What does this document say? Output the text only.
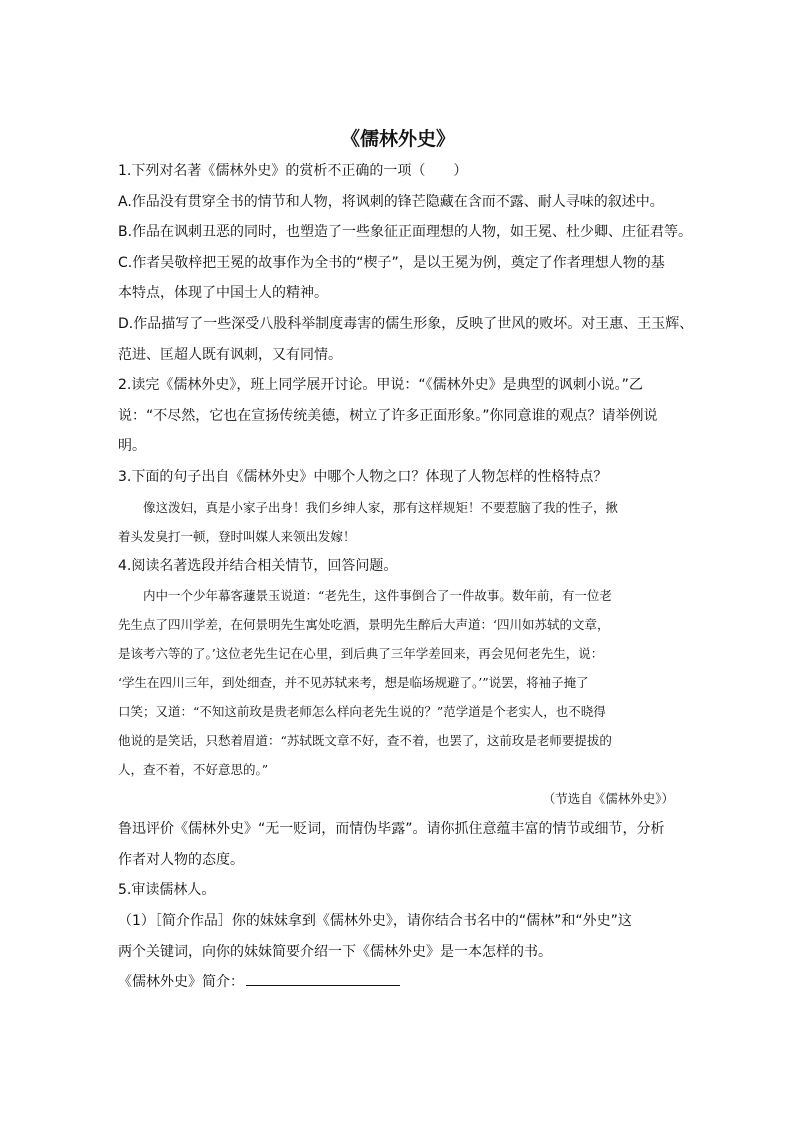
《儒林外史》
1.下列对名著《儒林外史》的赏析不正确的一项（　　）
A.作品没有贯穿全书的情节和人物，将讽刺的锋芒隐藏在含而不露、耐人寻味的叙述中。
B.作品在讽刺丑恶的同时，也塑造了一些象征正面理想的人物，如王冕、杜少卿、庄征君等。
C.作者吴敬梓把王冕的故事作为全书的“楔子”，是以王冕为例，奠定了作者理想人物的基
本特点，体现了中国士人的精神。
D.作品描写了一些深受八股科举制度毒害的儒生形象，反映了世风的败坏。对王惠、王玉辉、
范进、匡超人既有讽刺，又有同情。
2.读完《儒林外史》，班上同学展开讨论。甲说：“《儒林外史》是典型的讽刺小说。”乙
说：“不尽然，它也在宣扬传统美德，树立了许多正面形象。”你同意谁的观点？请举例说
明。
3.下面的句子出自《儒林外史》中哪个人物之口？体现了人物怎样的性格特点？
像这泼妇，真是小家子出身！我们乡绅人家，那有这样规矩！不要惹脑了我的性子，揪
着头发臭打一顿，登时叫媒人来领出发嫁！
4.阅读名著选段并结合相关情节，回答问题。
内中一个少年幕客蘧景玉说道：“老先生，这件事倒合了一件故事。数年前，有一位老
先生点了四川学差，在何景明先生寓处吃酒，景明先生醉后大声道：‘四川如苏轼的文章，
是该考六等的了。’这位老先生记在心里，到后典了三年学差回来，再会见何老先生，说：
‘学生在四川三年，到处细查，并不见苏轼来考，想是临场规避了。’”说罢，将袖子掩了
口笑；又道：“不知这前玫是贵老师怎么样向老先生说的？”范学道是个老实人，也不晓得
他说的是笑话，只愁着眉道：“苏轼既文章不好，查不着，也罢了，这前玫是老师要提拔的
人，查不着，不好意思的。”
（节选自《儒林外史》）
鲁迅评价《儒林外史》“无一贬词，而情伪毕露”。请你抓住意蕴丰富的情节或细节，分析
作者对人物的态度。
5.审读儒林人。
（1）［简介作品］你的妹妹拿到《儒林外史》，请你结合书名中的“儒林”和“外史”这
两个关键词，向你的妹妹简要介绍一下《儒林外史》是一本怎样的书。
《儒林外史》简介：
